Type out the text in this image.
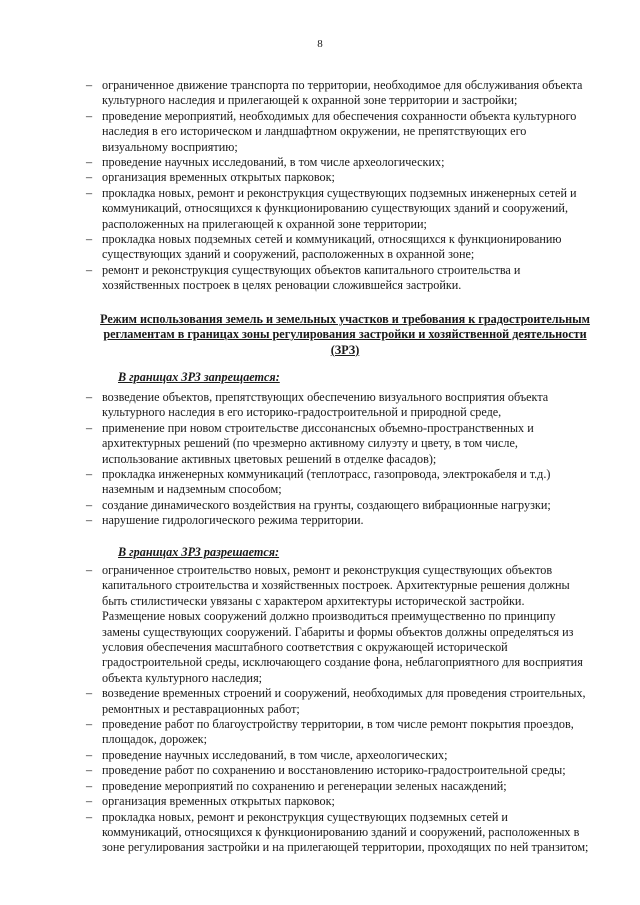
8
– ограниченное движение транспорта по территории, необходимое для обслуживания объекта культурного наследия и прилегающей к охранной зоне территории и застройки;
– проведение мероприятий, необходимых для обеспечения сохранности объекта культурного наследия в его историческом и ландшафтном окружении, не препятствующих его визуальному восприятию;
– проведение научных исследований, в том числе археологических;
– организация временных открытых парковок;
– прокладка новых, ремонт и реконструкция существующих подземных инженерных сетей и коммуникаций, относящихся к функционированию существующих зданий и сооружений, расположенных на прилегающей к охранной зоне территории;
– прокладка новых подземных сетей и коммуникаций, относящихся к функционированию существующих зданий и сооружений, расположенных в охранной зоне;
– ремонт и реконструкция существующих объектов капитального строительства и хозяйственных построек в целях реновации сложившейся застройки.
Режим использования земель и земельных участков и требования к градостроительным регламентам в границах зоны регулирования застройки и хозяйственной деятельности (ЗРЗ)
В границах ЗРЗ запрещается:
– возведение объектов, препятствующих обеспечению визуального восприятия объекта культурного наследия в его историко-градостроительной и природной среде,
– применение при новом строительстве диссонансных объемно-пространственных и архитектурных решений (по чрезмерно активному силуэту и цвету, в том числе, использование активных цветовых решений в отделке фасадов);
– прокладка инженерных коммуникаций (теплотрасс, газопровода, электрокабеля и т.д.) наземным и надземным способом;
– создание динамического воздействия на грунты, создающего вибрационные нагрузки;
– нарушение гидрологического режима территории.
В границах ЗРЗ разрешается:
– ограниченное строительство новых, ремонт и реконструкция существующих объектов капитального строительства и хозяйственных построек. Архитектурные решения должны быть стилистически увязаны с характером архитектуры исторической застройки. Размещение новых сооружений должно производиться преимущественно по принципу замены существующих сооружений. Габариты и формы объектов должны определяться из условия обеспечения масштабного соответствия с окружающей исторической градостроительной среды, исключающего создание фона, неблагоприятного для восприятия объекта культурного наследия;
– возведение временных строений и сооружений, необходимых для проведения строительных, ремонтных и реставрационных работ;
– проведение работ по благоустройству территории, в том числе ремонт покрытия проездов, площадок, дорожек;
– проведение научных исследований, в том числе, археологических;
– проведение работ по сохранению и восстановлению историко-градостроительной среды;
– проведение мероприятий по сохранению и регенерации зеленых насаждений;
– организация временных открытых парковок;
– прокладка новых, ремонт и реконструкция существующих подземных сетей и коммуникаций, относящихся к функционированию зданий и сооружений, расположенных в зоне регулирования застройки и на прилегающей территории, проходящих по ней транзитом;
